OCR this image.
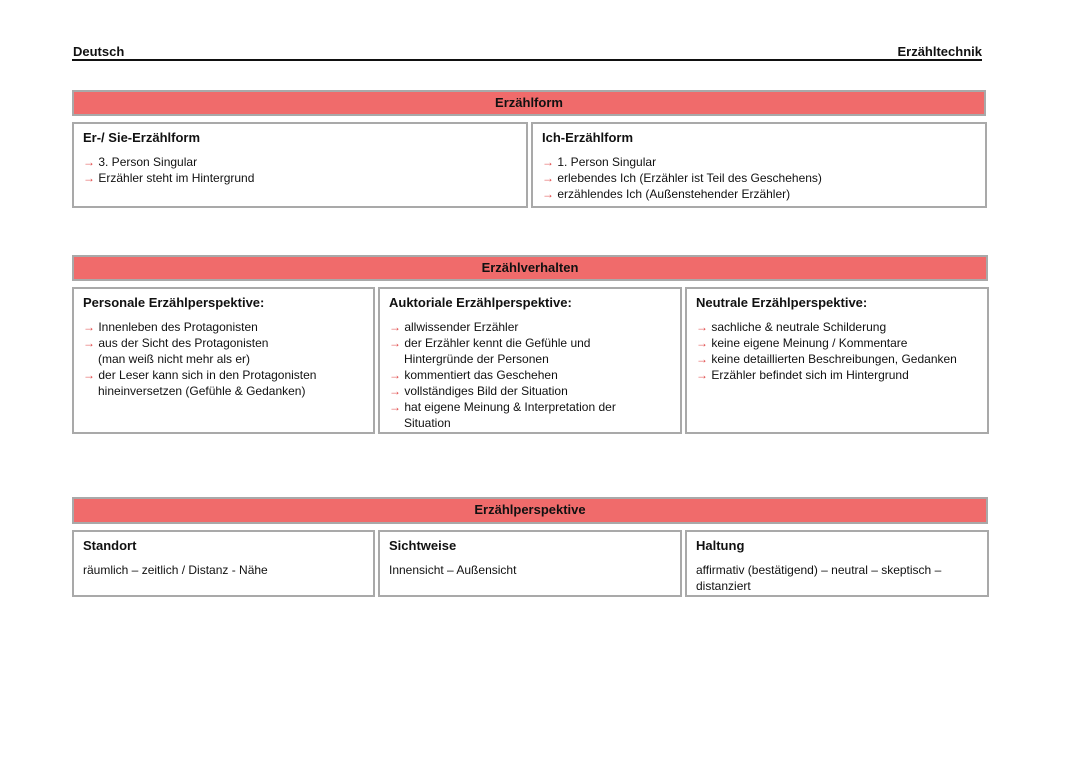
Deutsch	Erzähltechnik
Erzählform
Er-/ Sie-Erzählform
→ 3. Person Singular
→ Erzähler steht im Hintergrund
Ich-Erzählform
→ 1. Person Singular
→ erlebendes Ich (Erzähler ist Teil des Geschehens)
→ erzählendes Ich (Außenstehender Erzähler)
Erzählverhalten
Personale Erzählperspektive:
→ Innenleben des Protagonisten
→ aus der Sicht des Protagonisten
(man weiß nicht mehr als er)
→ der Leser kann sich in den Protagonisten
hineinversetzen (Gefühle & Gedanken)
Auktoriale Erzählperspektive:
→ allwissender Erzähler
→ der Erzähler kennt die Gefühle und
Hintergründe der Personen
→ kommentiert das Geschehen
→ vollständiges Bild der Situation
→ hat eigene Meinung & Interpretation der
Situation
Neutrale Erzählperspektive:
→ sachliche & neutrale Schilderung
→ keine eigene Meinung / Kommentare
→ keine detaillierten Beschreibungen, Gedanken
→ Erzähler befindet sich im Hintergrund
Erzählperspektive
Standort
räumlich – zeitlich / Distanz - Nähe
Sichtweise
Innensicht – Außensicht
Haltung
affirmativ (bestätigend) – neutral – skeptisch –
distanziert
